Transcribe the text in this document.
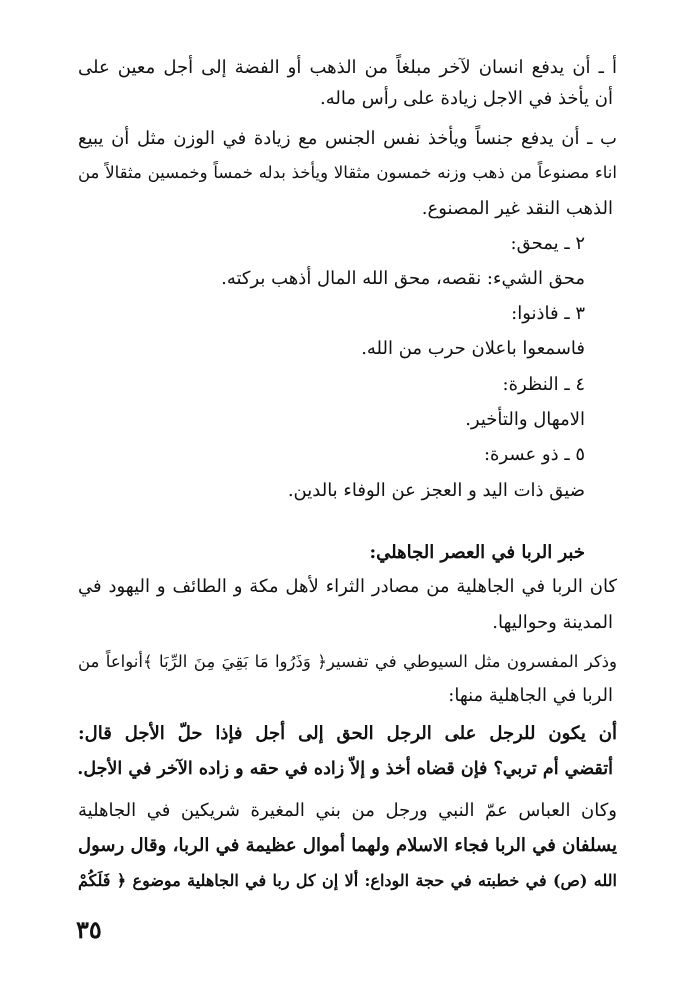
أ ـ أن يدفع انسان لآخر مبلغاً من الذهب أو الفضة إلى أجل معين على
أن يأخذ في الاجل زيادة على رأس ماله.
ب ـ أن يدفع جنساً ويأخذ نفس الجنس مع زيادة في الوزن مثل أن يبيع
اناء مصنوعاً من ذهب وزنه خمسون مثقالا ويأخذ بدله خمساً وخمسين مثقالاً من
الذهب النقد غير المصنوع.
٢ ـ يمحق:
محق الشيء: نقصه، محق الله المال أذهب بركته.
٣ ـ فاذنوا:
فاسمعوا باعلان حرب من الله.
٤ ـ النظرة:
الامهال والتأخير.
٥ ـ ذو عسرة:
ضيق ذات اليد و العجز عن الوفاء بالدين.
خبر الربا في العصر الجاهلي:
كان الربا في الجاهلية من مصادر الثراء لأهل مكة و الطائف و اليهود في
المدينة وحواليها.
وذكر المفسرون مثل السيوطي في تفسير﴿ وَذَرُوا مَا بَقِيَ مِنَ الرِّبَا ﴾أنواعاً من
الربا في الجاهلية منها:
أن يكون للرجل على الرجل الحق إلى أجل فإذا حلّ الأجل قال:
أتقضي أم تربي؟ فإن قضاه أخذ و إلاّ زاده في حقه و زاده الآخر في الأجل.
وكان العباس عمّ النبي ورجل من بني المغيرة شريكين في الجاهلية
يسلفان في الربا فجاء الاسلام ولهما أموال عظيمة في الربا، وقال رسول
الله (ص) في خطبته في حجة الوداع: ألا إن كل ربا في الجاهلية موضوع ﴿ فَلَكُمْ
٣٥
